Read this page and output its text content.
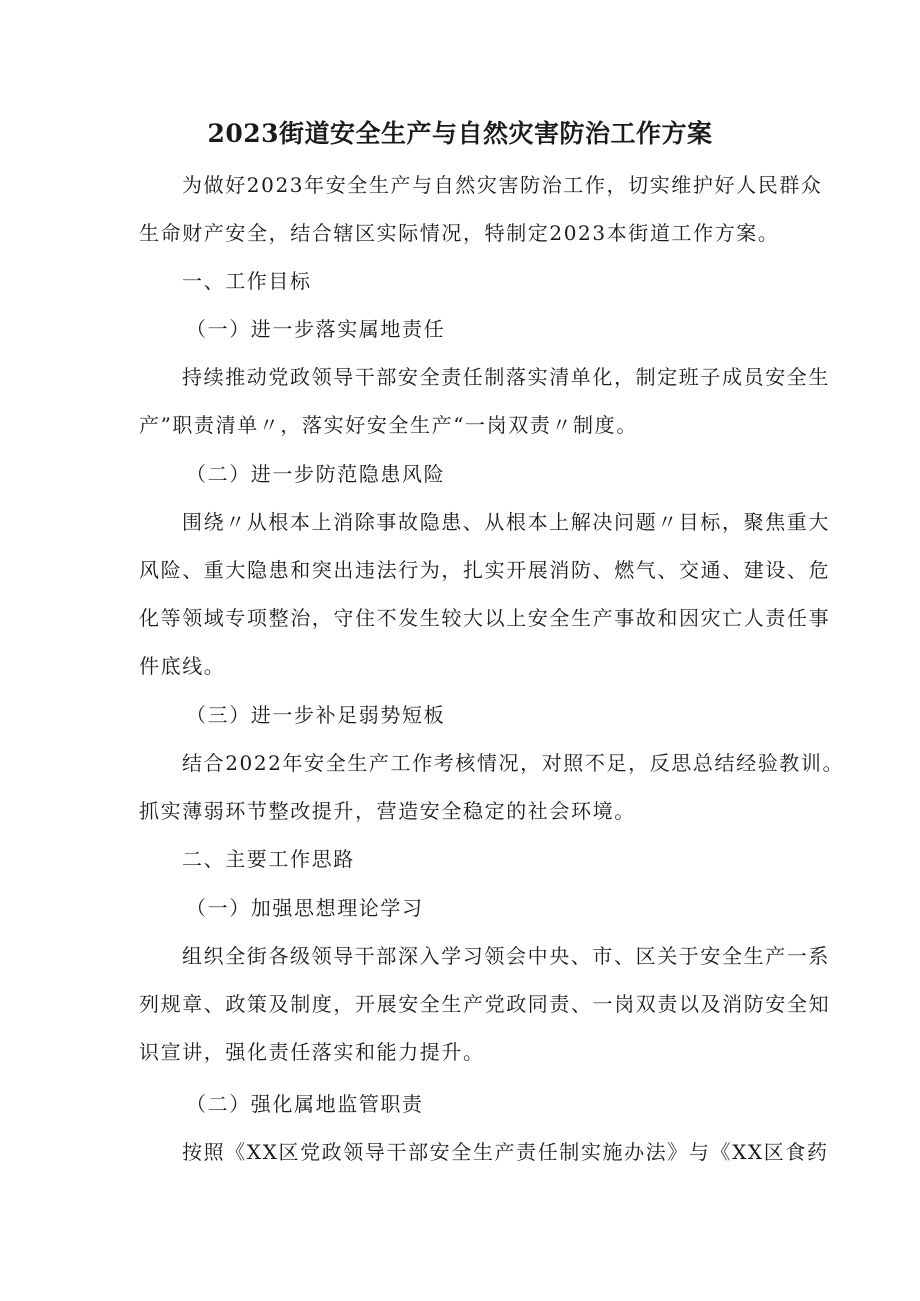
2023街道安全生产与自然灾害防治工作方案
为做好2023年安全生产与自然灾害防治工作，切实维护好人民群众
生命财产安全，结合辖区实际情况，特制定2023本街道工作方案。
一、工作目标
（一）进一步落实属地责任
持续推动党政领导干部安全责任制落实清单化，制定班子成员安全生
产”职责清单〃，落实好安全生产“一岗双责〃制度。
（二）进一步防范隐患风险
围绕〃从根本上消除事故隐患、从根本上解决问题〃目标，聚焦重大
风险、重大隐患和突出违法行为，扎实开展消防、燃气、交通、建设、危
化等领域专项整治，守住不发生较大以上安全生产事故和因灾亡人责任事
件底线。
（三）进一步补足弱势短板
结合2022年安全生产工作考核情况，对照不足，反思总结经验教训。
抓实薄弱环节整改提升，营造安全稳定的社会环境。
二、主要工作思路
（一）加强思想理论学习
组织全街各级领导干部深入学习领会中央、市、区关于安全生产一系
列规章、政策及制度，开展安全生产党政同责、一岗双责以及消防安全知
识宣讲，强化责任落实和能力提升。
（二）强化属地监管职责
按照《XX区党政领导干部安全生产责任制实施办法》与《XX区食药
